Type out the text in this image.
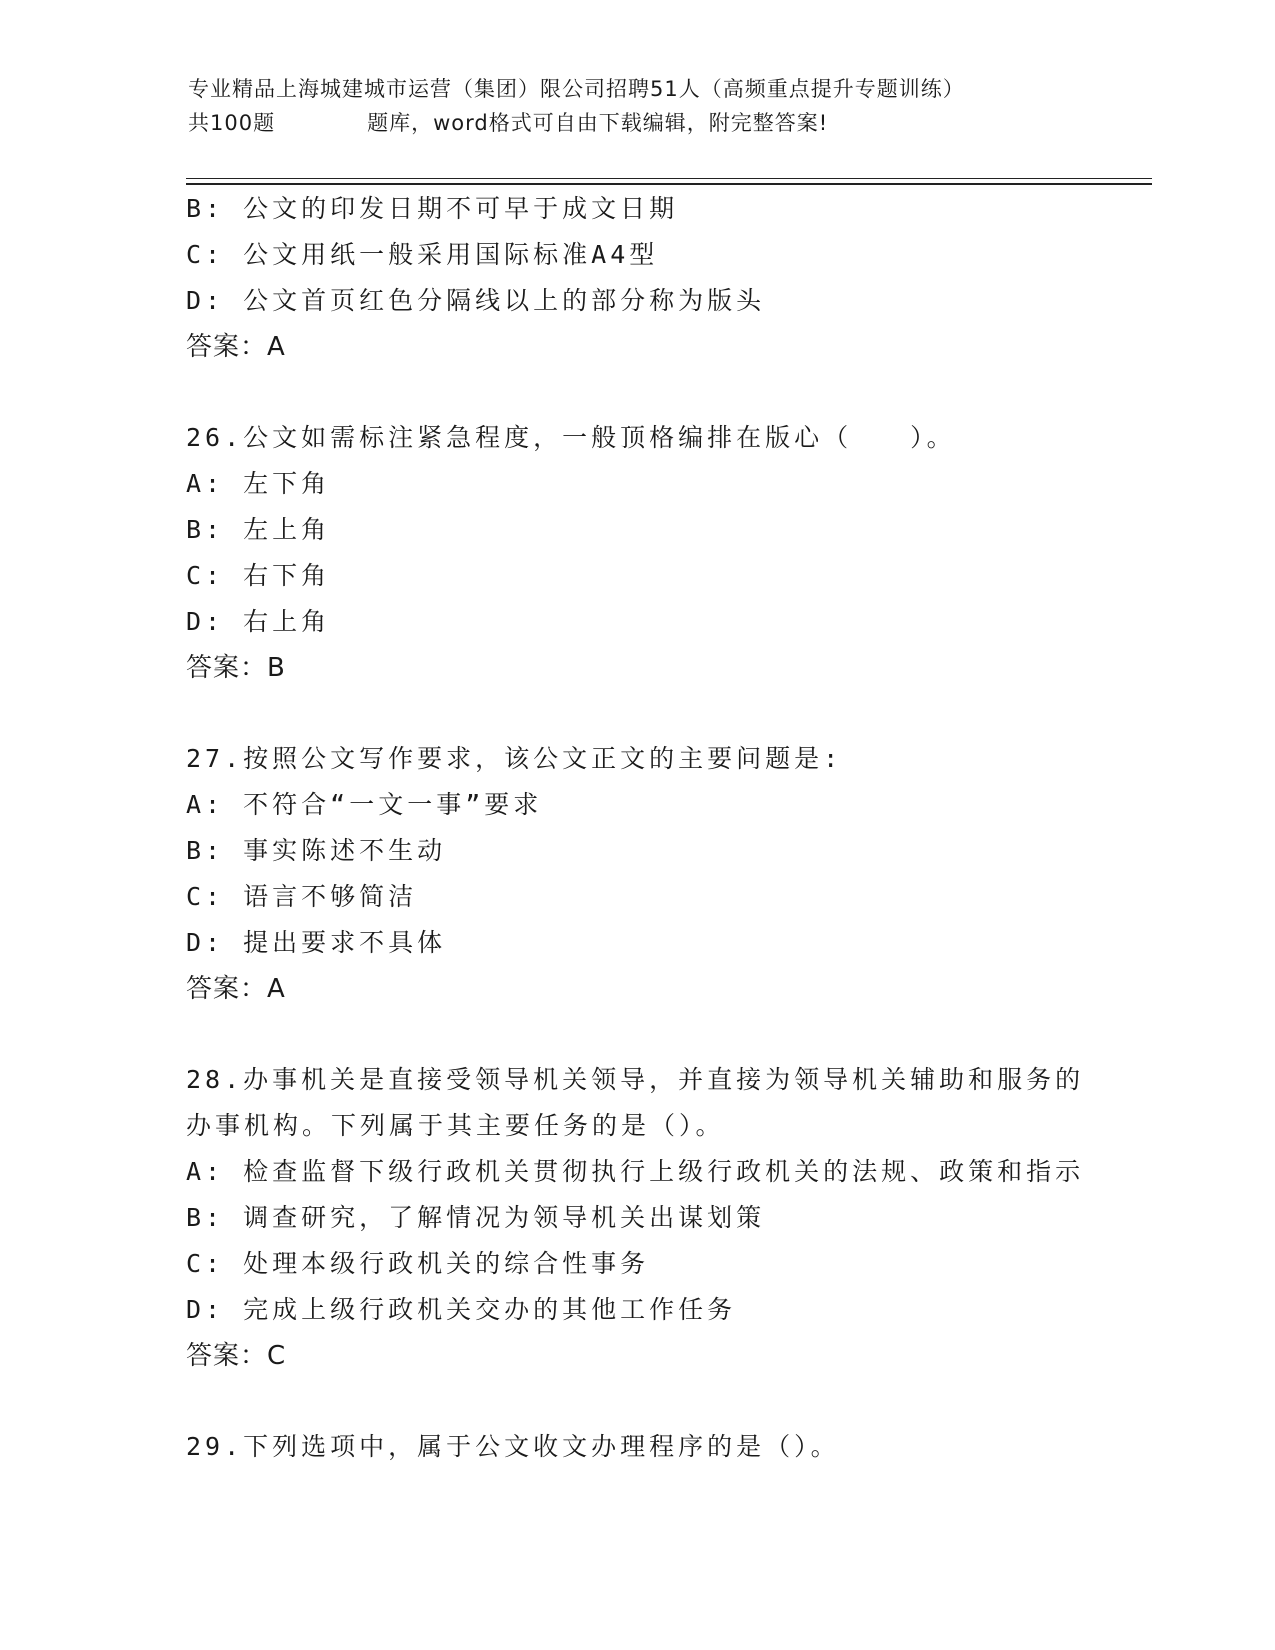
专业精品上海城建城市运营（集团）限公司招聘51人（高频重点提升专题训练）
共100题	题库，word格式可自由下载编辑，附完整答案!
B: 公文的印发日期不可早于成文日期
C: 公文用纸一般采用国际标准A4型
D: 公文首页红色分隔线以上的部分称为版头
答案：A
26.公文如需标注紧急程度，一般顶格编排在版心（　　）。
A: 左下角
B: 左上角
C: 右下角
D: 右上角
答案：B
27.按照公文写作要求，该公文正文的主要问题是:
A: 不符合“一文一事”要求
B: 事实陈述不生动
C: 语言不够简洁
D: 提出要求不具体
答案：A
28.办事机关是直接受领导机关领导，并直接为领导机关辅助和服务的
办事机构。下列属于其主要任务的是（）。
A: 检查监督下级行政机关贯彻执行上级行政机关的法规、政策和指示
B: 调查研究，了解情况为领导机关出谋划策
C: 处理本级行政机关的综合性事务
D: 完成上级行政机关交办的其他工作任务
答案：C
29.下列选项中，属于公文收文办理程序的是（）。
